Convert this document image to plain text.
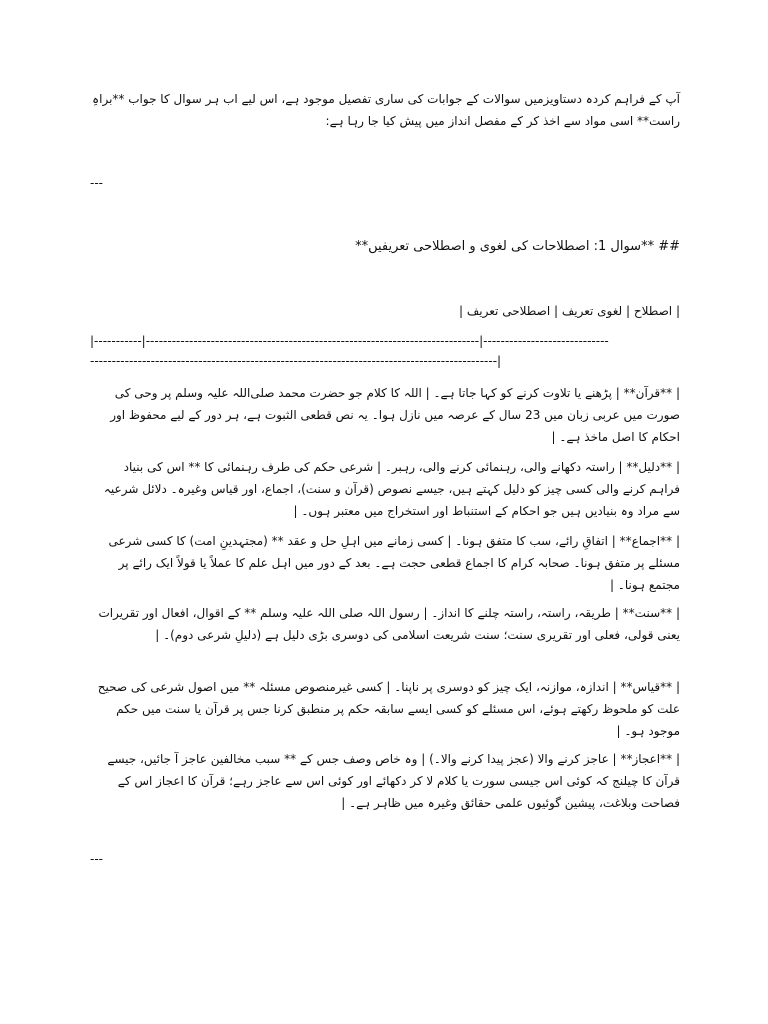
آپ کے فراہم کردہ دستاویزمیں سوالات کے جوابات کی ساری تفصیل موجود ہے، اس لیے اب ہر سوال کا جواب **براہِ
راست** اسی مواد سے اخذ کر کے مفصل انداز میں پیش کیا جا رہا ہے:
---
## **سوال 1: اصطلاحات کی لغوی و اصطلاحی تعریفیں**
| اصطلاح | لغوی تعریف | اصطلاحی تعریف |
|-----------|-----------------------------------------------------------------------------|-----------------------------
----------------------------------------------------------------------------------------------|
| **قرآن** | پڑھنے یا تلاوت کرنے کو کہا جاتا ہے۔ | اللہ کا کلام جو حضرت محمد صلی‌اللہ علیہ وسلم پر وحی کی صورت میں عربی زبان میں 23 سال کے عرصہ میں نازل ہوا۔ یہ نص قطعی الثبوت ہے، ہر دور کے لیے محفوظ اور احکام کا اصل ماخذ ہے۔ |
| **دلیل** | راستہ دکھانے والی، رہنمائی کرنے والی، رہبر۔ | شرعی حکم کی طرف رہنمائی کا ** اس کی بنیاد فراہم کرنے والی کسی چیز کو دلیل کہتے ہیں، جیسے نصوص (قرآن و سنت)، اجماع، اور قیاس وغیرہ۔ دلائل شرعیہ سے مراد وہ بنیادیں ہیں جو احکام کے استنباط اور استخراج میں معتبر ہوں۔ |
| **اجماع** | اتفاقِ رائے، سب کا متفق ہونا۔ | کسی زمانے میں اہلِ حل و عقد ** (مجتہدینِ امت) کا کسی شرعی مسئلے پر متفق ہونا۔ صحابہ کرام کا اجماع قطعی حجت ہے۔ بعد کے دور میں اہل علم کا عملاً یا قولاً ایک رائے پر مجتمع ہونا۔ |
| **سنت** | طریقہ، راستہ، راستہ چلنے کا انداز۔ | رسول اللہ صلی اللہ علیہ وسلم ** کے اقوال، افعال اور تقریرات یعنی قولی، فعلی اور تقریری سنت؛ سنت شریعت اسلامی کی دوسری بڑی دلیل ہے (دلیلِ شرعی دوم)۔ |
| **قیاس** | اندازہ، موازنہ، ایک چیز کو دوسری پر ناپنا۔ | کسی غیرمنصوص مسئلہ ** میں اصول شرعی کی صحیح علت کو ملحوظ رکھتے ہوئے، اس مسئلے کو کسی ایسے سابقہ حکم پر منطبق کرنا جس پر قرآن یا سنت میں حکم موجود ہو۔ |
| **اعجاز** | عاجز کرنے والا (عجز پیدا کرنے والا۔) | وہ خاص وصف جس کے ** سبب مخالفین عاجز آ جائیں، جیسے قرآن کا چیلنج کہ کوئی اس جیسی سورت یا کلام لا کر دکھائے اور کوئی اس سے عاجز رہے؛ قرآن کا اعجاز اس کے فصاحت وبلاغت، پیشین گوئیوں علمی حقائق وغیرہ میں ظاہر ہے۔ |
---
